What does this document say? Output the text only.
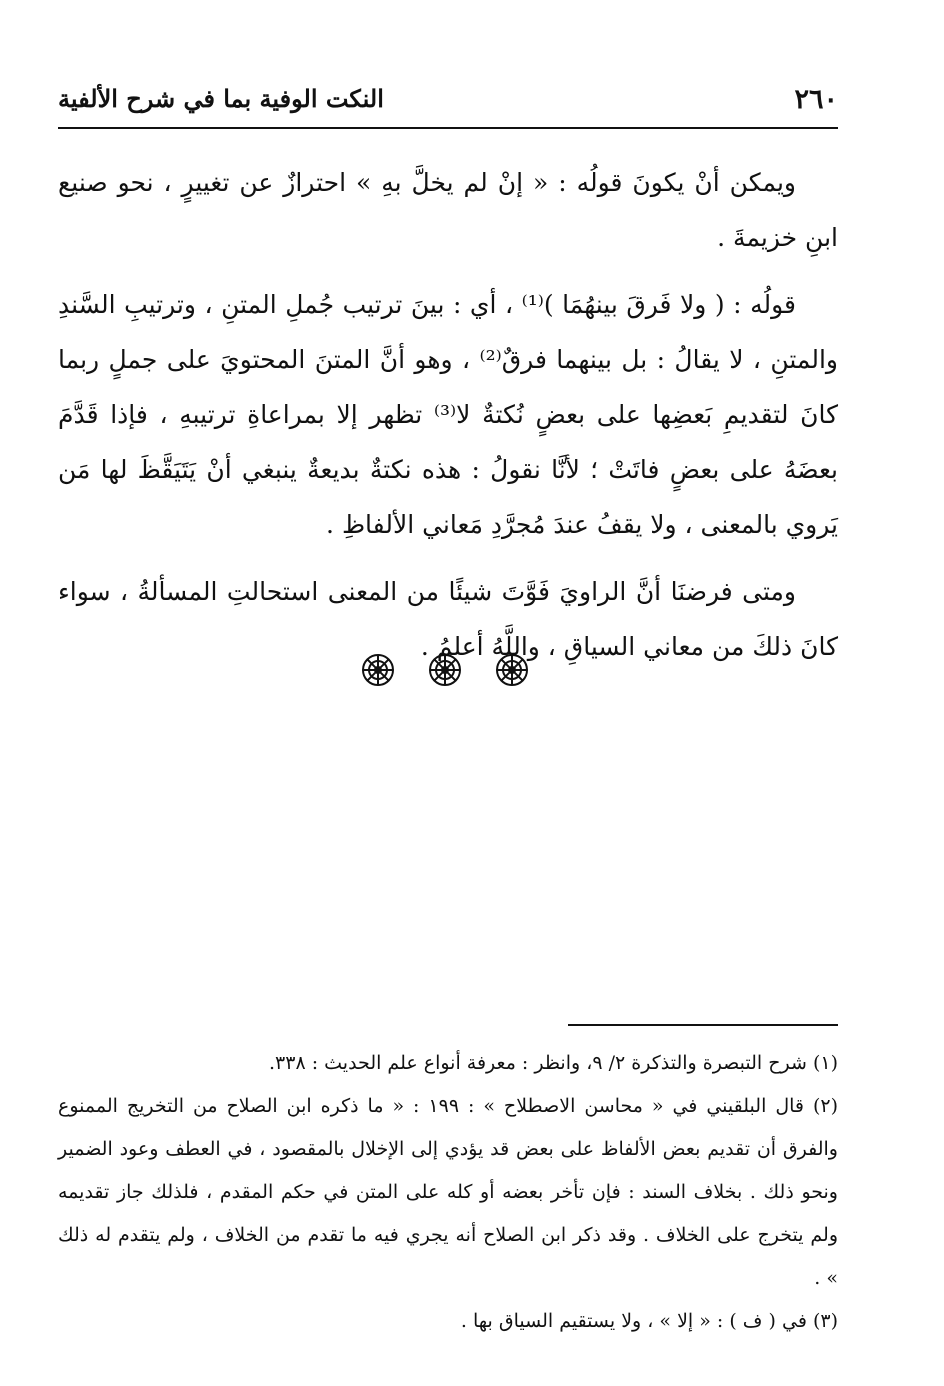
٢٦٠
النكت الوفية بما في شرح الألفية

ويمكن أنْ يكونَ قولُه : « إنْ لم يخلَّ بهِ » احترازٌ عن تغييرٍ ، نحو صنيع ابنِ خزيمةَ .

قولُه : ( ولا فَرقَ بينهُمَا )⁽¹⁾ ، أي : بينَ ترتيب جُملِ المتنِ ، وترتيبِ السَّندِ والمتنِ ، لا يقالُ : بل بينهما فرقٌ⁽²⁾ ، وهو أنَّ المتنَ المحتويَ على جملٍ ربما كانَ لتقديمِ بَعضِها على بعضٍ نُكتةٌ لا⁽³⁾ تظهر إلا بمراعاةِ ترتيبهِ ، فإذا قَدَّمَ بعضَهُ على بعضٍ فاتَتْ ؛ لأنَّا نقولُ : هذه نكتةٌ بديعةٌ ينبغي أنْ يَتَيَقَّظَ لها مَن يَروي بالمعنى ، ولا يقفُ عندَ مُجرَّدِ مَعاني الألفاظِ .

ومتى فرضنَا أنَّ الراويَ فَوَّتَ شيئًا من المعنى استحالتِ المسألةُ ، سواء كانَ ذلكَ من معاني السياقِ ، واللَّهُ أعلمُ .

(١) شرح التبصرة والتذكرة ٢/ ٩، وانظر : معرفة أنواع علم الحديث : ٣٣٨.

(٢) قال البلقيني في « محاسن الاصطلاح » : ١٩٩ : « ما ذكره ابن الصلاح من التخريج الممنوع والفرق أن تقديم بعض الألفاظ على بعض قد يؤدي إلى الإخلال بالمقصود ، في العطف وعود الضمير ونحو ذلك . بخلاف السند : فإن تأخر بعضه أو كله على المتن في حكم المقدم ، فلذلك جاز تقديمه ولم يتخرج على الخلاف . وقد ذكر ابن الصلاح أنه يجري فيه ما تقدم من الخلاف ، ولم يتقدم له ذلك » .

(٣) في ( ف ) : « إلا » ، ولا يستقيم السياق بها .
